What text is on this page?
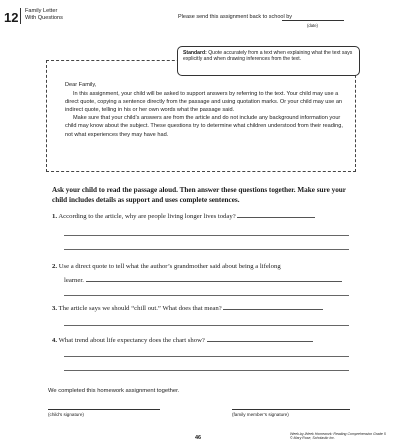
12 Family Letter
With Questions	Please send this assignment back to school by
(date)
Standard: Quote accurately from a text when explaining what the text says explicitly and when drawing inferences from the text.

Dear Family,

In this assignment, your child will be asked to support answers by referring to the text. Your child may use a direct quote, copying a sentence directly from the passage and using quotation marks. Or your child may use an indirect quote, telling in his or her own words what the passage said.

Make sure that your child’s answers are from the article and do not include any background information your child may know about the subject. These questions try to determine what children understood from their reading, not what experiences they may have had.

Ask your child to read the passage aloud. Then answer these questions together. Make sure your child includes details as support and uses complete sentences.
1. According to the article, why are people living longer lives today?
2. Use a direct quote to tell what the author’s grandmother said about being a lifelong
learner.
3. The article says we should “chill out.” What does that mean?
4. What trend about life expectancy does the chart show?
We completed this homework assignment together.
(child’s signature)	(family member’s signature)
46
Week-by-Week Homework: Reading Comprehension Grade 5
© Mary Rose, Scholastic Inc.
